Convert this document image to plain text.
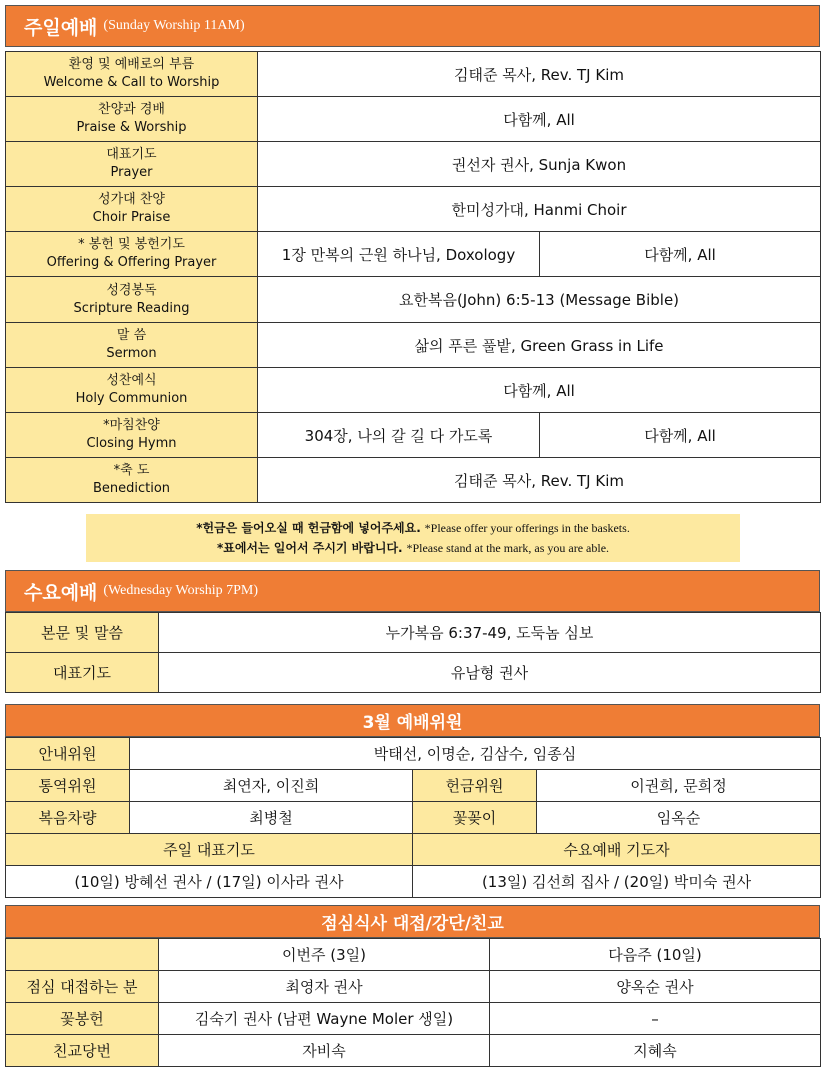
주일예배 (Sunday Worship 11AM)
환영 및 예배로의 부름
Welcome & Call to Worship	김태준 목사, Rev. TJ Kim	

찬양과 경배
Praise & Worship	다함께, All	

대표기도
Prayer	권선자 권사, Sunja Kwon	

성가대 찬양
Choir Praise	한미성가대, Hanmi Choir	

* 봉헌 및 봉헌기도
Offering & Offering Prayer	1장 만복의 근원 하나님, Doxology	다함께, All

성경봉독
Scripture Reading	요한복음(John) 6:5-13 (Message Bible)	

말 씀
Sermon	삶의 푸른 풀밭, Green Grass in Life	

성찬예식
Holy Communion	다함께, All	

*마침찬양
Closing Hymn	304장, 나의 갈 길 다 가도록	다함께, All

*축 도
Benediction	김태준 목사, Rev. TJ Kim	
*헌금은 들어오실 때 헌금함에 넣어주세요. *Please offer your offerings in the baskets.
*표에서는 일어서 주시기 바랍니다. *Please stand at the mark, as you are able.
수요예배 (Wednesday Worship 7PM)
본문 및 말씀	누가복음 6:37-49, 도둑놈 심보
대표기도	유남형 권사
3월 예배위원
안내위원	박태선, 이명순, 김삼수, 임종심		
통역위원	최연자, 이진희	헌금위원	이권희, 문희정
복음차량	최병철	꽃꽂이	임옥순
주일 대표기도		수요예배 기도자	
(10일) 방혜선 권사 / (17일) 이사라 권사		(13일) 김선희 집사 / (20일) 박미숙 권사	
점심식사 대접/강단/친교
	이번주 (3일)	다음주 (10일)
점심 대접하는 분	최영자 권사	양옥순 권사
꽃봉헌	김숙기 권사 (남편 Wayne Moler 생일)	–
친교당번	자비속	지혜속
